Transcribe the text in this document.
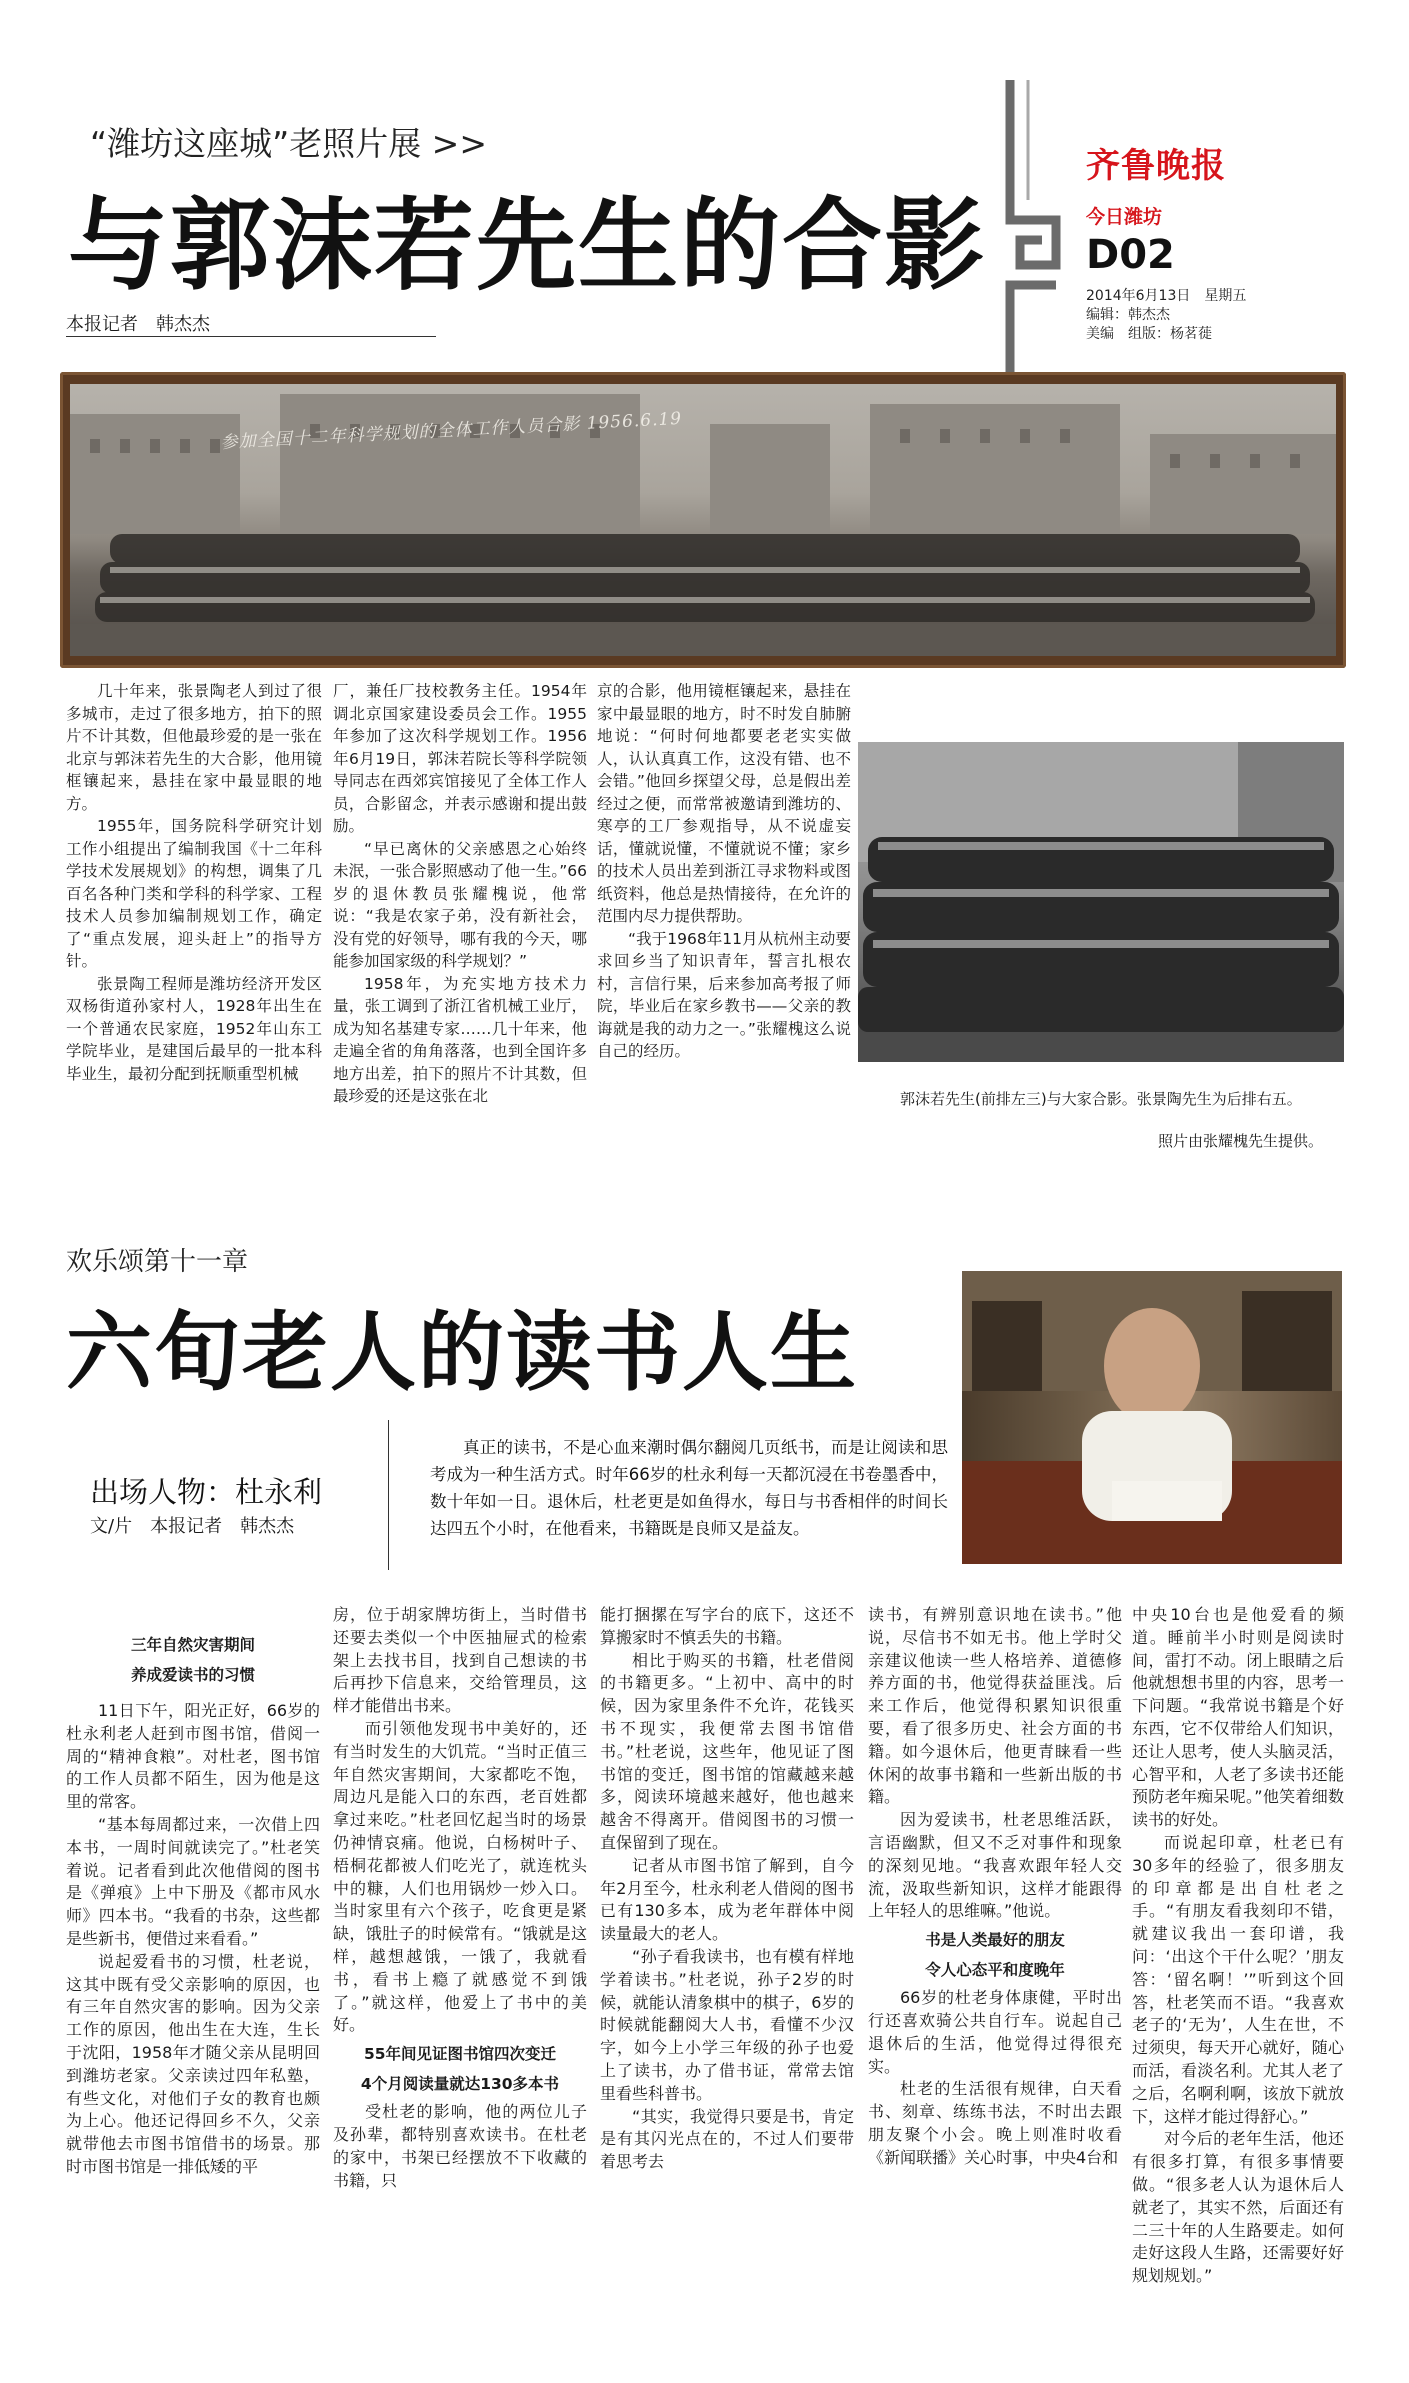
“潍坊这座城”老照片展 >>
与郭沫若先生的合影
本报记者　韩杰杰
齐鲁晚报
今日潍坊
D02
2014年6月13日　星期五
编辑：韩杰杰
美编　组版：杨茗蓰
参加全国十二年科学规划的全体工作人员合影 1956.6.19

几十年来，张景陶老人到过了很多城市，走过了很多地方，拍下的照片不计其数，但他最珍爱的是一张在北京与郭沫若先生的大合影，他用镜框镶起来，悬挂在家中最显眼的地方。

1955年，国务院科学研究计划工作小组提出了编制我国《十二年科学技术发展规划》的构想，调集了几百名各种门类和学科的科学家、工程技术人员参加编制规划工作，确定了“重点发展，迎头赶上”的指导方针。

张景陶工程师是潍坊经济开发区双杨街道孙家村人，1928年出生在一个普通农民家庭，1952年山东工学院毕业，是建国后最早的一批本科毕业生，最初分配到抚顺重型机械

厂，兼任厂技校教务主任。1954年调北京国家建设委员会工作。1955年参加了这次科学规划工作。1956年6月19日，郭沫若院长等科学院领导同志在西郊宾馆接见了全体工作人员，合影留念，并表示感谢和提出鼓励。

“早已离休的父亲感恩之心始终未泯，一张合影照感动了他一生。”66岁的退休教员张耀槐说，他常说：“我是农家子弟，没有新社会，没有党的好领导，哪有我的今天，哪能参加国家级的科学规划？”

1958年，为充实地方技术力量，张工调到了浙江省机械工业厅，成为知名基建专家……几十年来，他走遍全省的角角落落，也到全国许多地方出差，拍下的照片不计其数，但最珍爱的还是这张在北

京的合影，他用镜框镶起来，悬挂在家中最显眼的地方，时不时发自肺腑地说：“何时何地都要老老实实做人，认认真真工作，这没有错、也不会错。”他回乡探望父母，总是假出差经过之便，而常常被邀请到潍坊的、寒亭的工厂参观指导，从不说虚妄话，懂就说懂，不懂就说不懂；家乡的技术人员出差到浙江寻求物料或图纸资料，他总是热情接待，在允许的范围内尽力提供帮助。

“我于1968年11月从杭州主动要求回乡当了知识青年，誓言扎根农村，言信行果，后来参加高考报了师院，毕业后在家乡教书——父亲的教诲就是我的动力之一。”张耀槐这么说自己的经历。

郭沫若先生(前排左三)与大家合影。张景陶先生为后排右五。
照片由张耀槐先生提供。
欢乐颂第十一章
六旬老人的读书人生
出场人物：杜永利
文/片　本报记者　韩杰杰

真正的读书，不是心血来潮时偶尔翻阅几页纸书，而是让阅读和思考成为一种生活方式。时年66岁的杜永利每一天都沉浸在书卷墨香中，数十年如一日。退休后，杜老更是如鱼得水，每日与书香相伴的时间长达四五个小时，在他看来，书籍既是良师又是益友。

三年自然灾害期间

养成爱读书的习惯

11日下午，阳光正好，66岁的杜永利老人赶到市图书馆，借阅一周的“精神食粮”。对杜老，图书馆的工作人员都不陌生，因为他是这里的常客。

“基本每周都过来，一次借上四本书，一周时间就读完了。”杜老笑着说。记者看到此次他借阅的图书是《弹痕》上中下册及《都市风水师》四本书。“我看的书杂，这些都是些新书，便借过来看看。”

说起爱看书的习惯，杜老说，这其中既有受父亲影响的原因，也有三年自然灾害的影响。因为父亲工作的原因，他出生在大连，生长于沈阳，1958年才随父亲从昆明回到潍坊老家。父亲读过四年私塾，有些文化，对他们子女的教育也颇为上心。他还记得回乡不久，父亲就带他去市图书馆借书的场景。那时市图书馆是一排低矮的平

房，位于胡家牌坊街上，当时借书还要去类似一个中医抽屉式的检索架上去找书目，找到自己想读的书后再抄下信息来，交给管理员，这样才能借出书来。

而引领他发现书中美好的，还有当时发生的大饥荒。“当时正值三年自然灾害期间，大家都吃不饱，周边凡是能入口的东西，老百姓都拿过来吃。”杜老回忆起当时的场景仍神情哀痛。他说，白杨树叶子、梧桐花都被人们吃光了，就连枕头中的糠，人们也用锅炒一炒入口。当时家里有六个孩子，吃食更是紧缺，饿肚子的时候常有。“饿就是这样，越想越饿，一饿了，我就看书，看书上瘾了就感觉不到饿了。”就这样，他爱上了书中的美好。

55年间见证图书馆四次变迁

4个月阅读量就达130多本书

受杜老的影响，他的两位儿子及孙辈，都特别喜欢读书。在杜老的家中，书架已经摆放不下收藏的书籍，只

能打捆摞在写字台的底下，这还不算搬家时不慎丢失的书籍。

相比于购买的书籍，杜老借阅的书籍更多。“上初中、高中的时候，因为家里条件不允许，花钱买书不现实，我便常去图书馆借书。”杜老说，这些年，他见证了图书馆的变迁，图书馆的馆藏越来越多，阅读环境越来越好，他也越来越舍不得离开。借阅图书的习惯一直保留到了现在。

记者从市图书馆了解到，自今年2月至今，杜永利老人借阅的图书已有130多本，成为老年群体中阅读量最大的老人。

“孙子看我读书，也有模有样地学着读书。”杜老说，孙子2岁的时候，就能认清象棋中的棋子，6岁的时候就能翻阅大人书，看懂不少汉字，如今上小学三年级的孙子也爱上了读书，办了借书证，常常去馆里看些科普书。

“其实，我觉得只要是书，肯定是有其闪光点在的，不过人们要带着思考去

读书，有辨别意识地在读书。”他说，尽信书不如无书。他上学时父亲建议他读一些人格培养、道德修养方面的书，他觉得获益匪浅。后来工作后，他觉得积累知识很重要，看了很多历史、社会方面的书籍。如今退休后，他更青睐看一些休闲的故事书籍和一些新出版的书籍。

因为爱读书，杜老思维活跃，言语幽默，但又不乏对事件和现象的深刻见地。“我喜欢跟年轻人交流，汲取些新知识，这样才能跟得上年轻人的思维嘛。”他说。

书是人类最好的朋友

令人心态平和度晚年

66岁的杜老身体康健，平时出行还喜欢骑公共自行车。说起自己退休后的生活，他觉得过得很充实。

杜老的生活很有规律，白天看书、刻章、练练书法，不时出去跟朋友聚个小会。晚上则准时收看《新闻联播》关心时事，中央4台和

中央10台也是他爱看的频道。睡前半小时则是阅读时间，雷打不动。闭上眼睛之后他就想想书里的内容，思考一下问题。“我常说书籍是个好东西，它不仅带给人们知识，还让人思考，使人头脑灵活，心智平和，人老了多读书还能预防老年痴呆呢。”他笑着细数读书的好处。

而说起印章，杜老已有30多年的经验了，很多朋友的印章都是出自杜老之手。“有朋友看我刻印不错，就建议我出一套印谱，我问：‘出这个干什么呢？’朋友答：‘留名啊！’”听到这个回答，杜老笑而不语。“我喜欢老子的‘无为’，人生在世，不过须臾，每天开心就好，随心而活，看淡名利。尤其人老了之后，名啊利啊，该放下就放下，这样才能过得舒心。”

对今后的老年生活，他还有很多打算，有很多事情要做。“很多老人认为退休后人就老了，其实不然，后面还有二三十年的人生路要走。如何走好这段人生路，还需要好好规划规划。”
